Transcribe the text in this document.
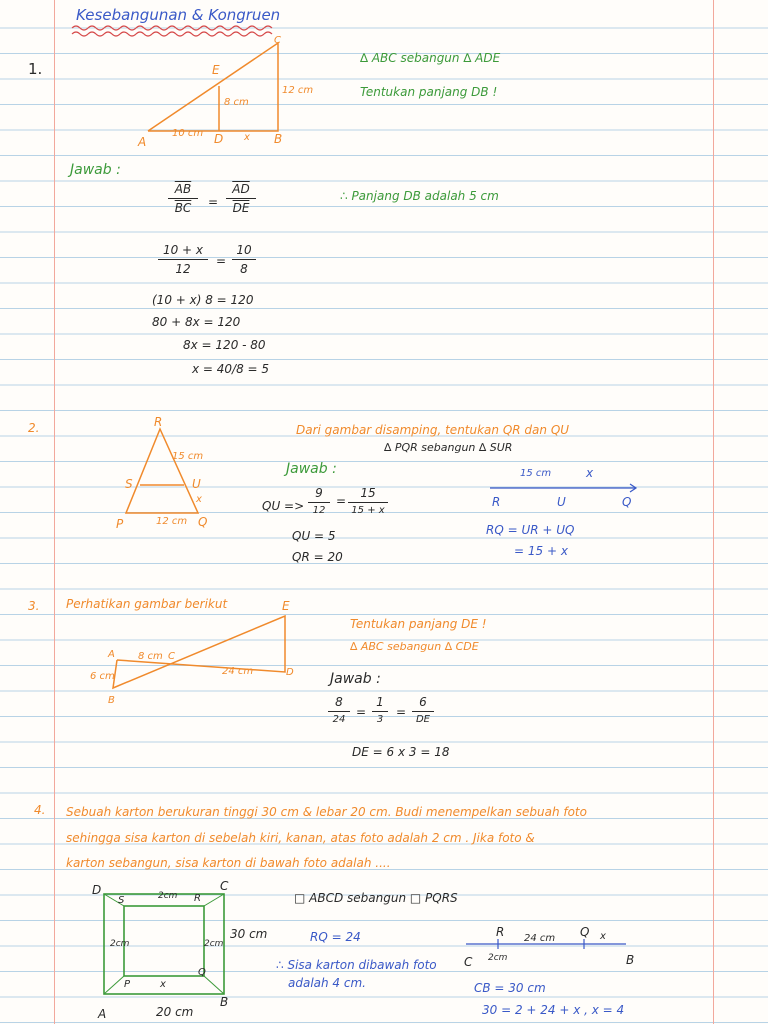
Kesebangunan & Kongruen
1.
C
E
12 cm
8 cm
A
10 cm D x B
∆ ABC sebangun ∆ ADE
Tentukan panjang DB !
Jawab :
$\frac{\overline{AB}}{BC} = \frac{\overline{AD}}{DE}$
10 + x
12
=
10
8
(10 + x) 8 = 120
80 + 8x = 120
8x = 120 - 80
x = 40/8 = 5
∴ Panjang DB adalah 5 cm
2.	R
15 cm
S	U
x
P	12 cm Q
Dari gambar disamping, tentukan QR dan QU
∆ PQR sebangun ∆ SUR
Jawab :
QU =>
9
12
=
15
15 + x
QU = 5
QR = 20
15 cm	x
R	U	Q
RQ = UR + UQ
= 15 + x
3. Perhatikan gambar berikut	E
A 8 cm C
6 cm	24 cm	D
B
Tentukan panjang DE !
∆ ABC sebangun ∆ CDE
Jawab :
8
24
=
1
3
=
6
DE
DE = 6 x 3 = 18
4. Sebuah karton berukuran tinggi 30 cm & lebar 20 cm. Budi menempelkan sebuah foto
sehingga sisa karton di sebelah kiri, kanan, atas foto adalah 2 cm . Jika foto &
karton sebangun, sisa karton di bawah foto adalah ....
D	C
S	2cm R
2cm	2cm
30 cm
Q
P	x
A	20 cm
B
□ ABCD sebangun □ PQRS
RQ = 24
∴ Sisa karton dibawah foto
adalah 4 cm.
R 24 cm Q x
C 2cm	B
CB = 30 cm
30 = 2 + 24 + x , x = 4
